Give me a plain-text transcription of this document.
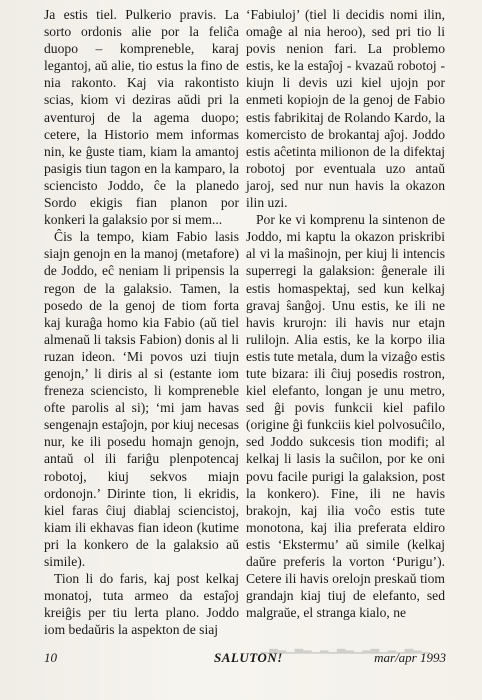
Ja estis tiel. Pulkerio pravis. La sorto ordonis alie por la feliĉa duopo – kompreneble, karaj legantoj, aŭ alie, tio estus la fino de nia rakonto. Kaj via rakontisto scias, kiom vi deziras aŭdi pri la aventuroj de la agema duopo; cetere, la Historio mem informas nin, ke ĝuste tiam, kiam la amantoj pasigis tiun tagon en la kamparo, la sciencisto Joddo, ĉe la planedo Sordo ekigis fian planon por konkeri la galaksio por si mem...

Ĉis la tempo, kiam Fabio lasis siajn genojn en la manoj (metafore) de Joddo, eĉ neniam li pripensis la regon de la galaksio. Tamen, la posedo de la genoj de tiom forta kaj kuraĝa homo kia Fabio (aŭ tiel almenaŭ li taksis Fabion) donis al li ruzan ideon. ‘Mi povos uzi tiujn genojn,’ li diris al si (estante iom freneza sciencisto, li kompreneble ofte parolis al si); ‘mi jam havas sengenajn estaĵojn, por kiuj necesas nur, ke ili posedu homajn genojn, antaŭ ol ili fariĝu plenpotencaj robotoj, kiuj sekvos miajn ordonojn.’ Dirinte tion, li ekridis, kiel faras ĉiuj diablaj sciencistoj, kiam ili ekhavas fian ideon (kutime pri la konkero de la galaksio aŭ simile).

Tion li do faris, kaj post kelkaj monatoj, tuta armeo da estaĵoj kreiĝis per tiu lerta plano. Joddo iom bedaŭris la aspekton de siaj

‘Fabiuloj’ (tiel li decidis nomi ilin, omaĝe al nia heroo), sed pri tio li povis nenion fari. La problemo estis, ke la estaĵoj - kvazaŭ robotoj - kiujn li devis uzi kiel ujojn por enmeti kopiojn de la genoj de Fabio estis fabrikitaj de Rolando Kardo, la komercisto de brokantaj aĵoj. Joddo estis aĉetinta milionon de la difektaj robotoj por eventuala uzo antaŭ jaroj, sed nur nun havis la okazon ilin uzi.

Por ke vi komprenu la sintenon de Joddo, mi kaptu la okazon priskribi al vi la maŝinojn, per kiuj li intencis superregi la galaksion: ĝenerale ili estis homaspektaj, sed kun kelkaj gravaj ŝanĝoj. Unu estis, ke ili ne havis krurojn: ili havis nur etajn rulilojn. Alia estis, ke la korpo ilia estis tute metala, dum la vizaĝo estis tute bizara: ili ĉiuj posedis rostron, kiel elefanto, longan je unu metro, sed ĝi povis funkcii kiel pafilo (origine ĝi funkciis kiel polvosuĉilo, sed Joddo sukcesis tion modifi; al kelkaj li lasis la suĉilon, por ke oni povu facile purigi la galaksion, post la konkero). Fine, ili ne havis brakojn, kaj ilia voĉo estis tute monotona, kaj ilia preferata eldiro estis ‘Ekstermu’ aŭ simile (kelkaj daŭre preferis la vorton ‘Purigu’). Cetere ili havis orelojn preskaŭ tiom grandajn kiaj tiuj de elefanto, sed malgraŭe, el stranga kialo, ne

▁▂▃▁▂▁▃▂▁▂▃▁▂▁▂▃▁▂▃▁
10	SALUTON!	mar/apr 1993
